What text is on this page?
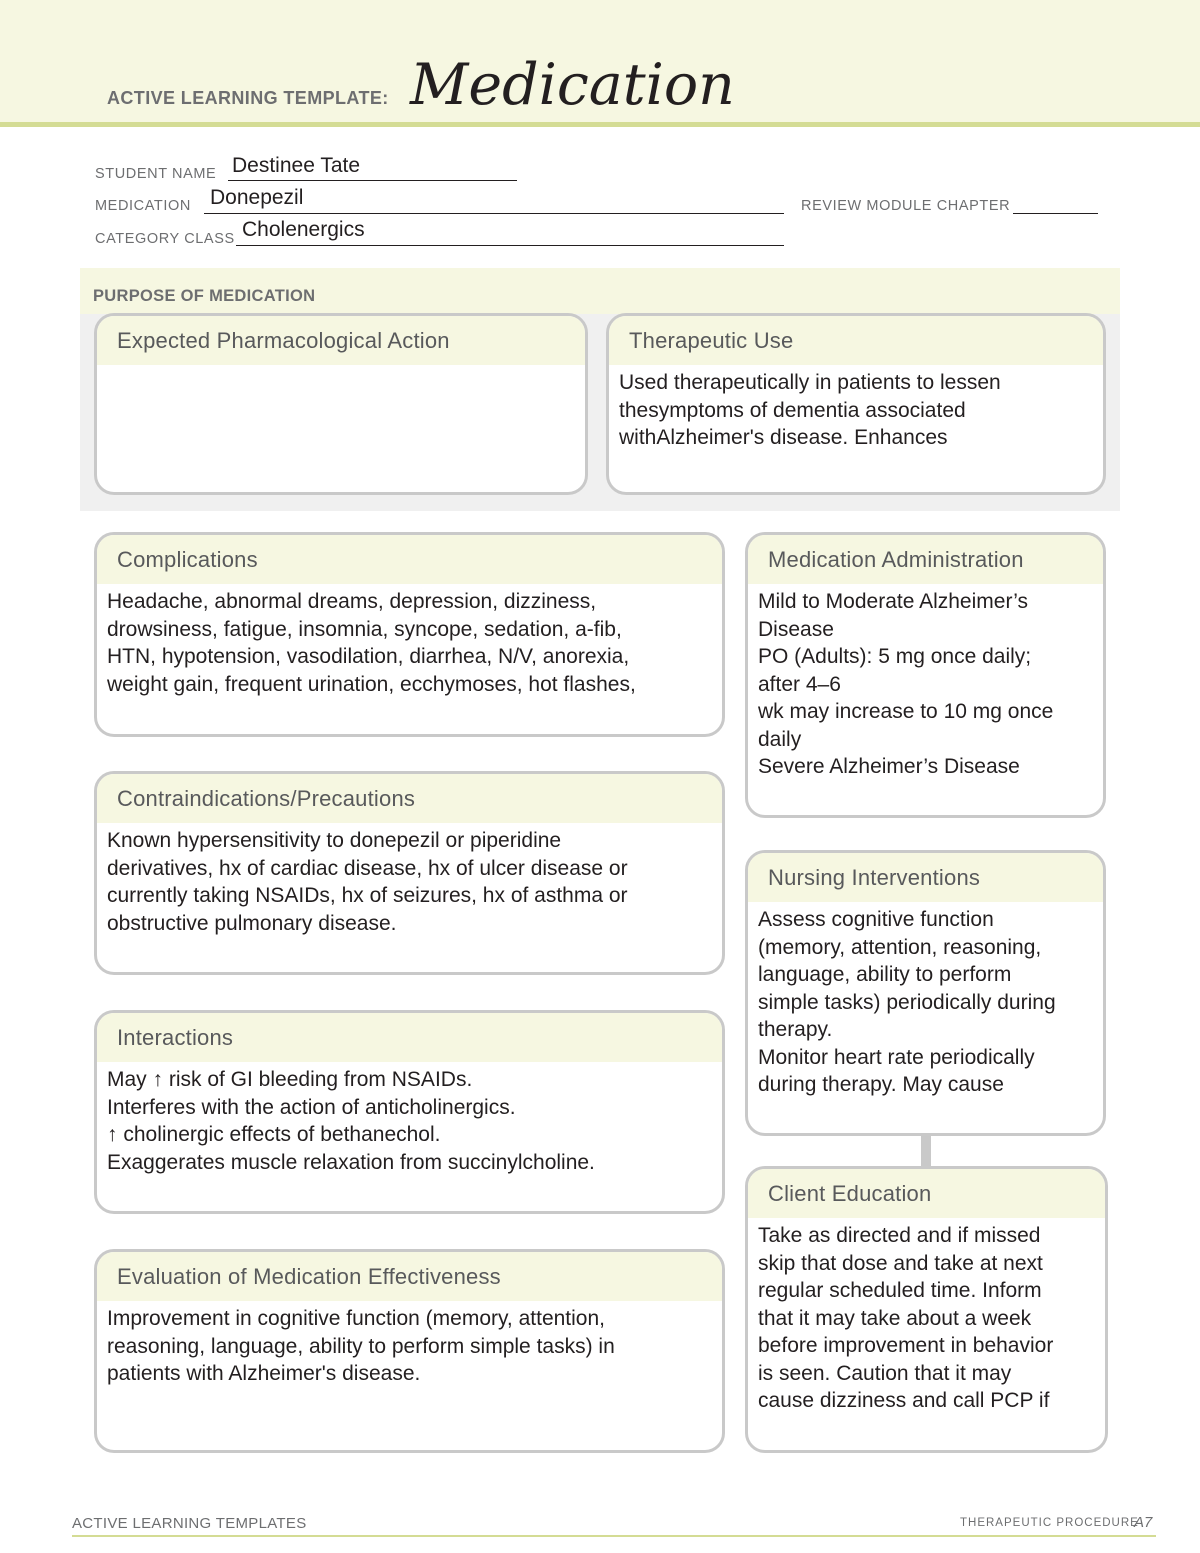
ACTIVE LEARNING TEMPLATE: Medication
STUDENT NAME Destinee Tate
MEDICATION Donepezil	REVIEW MODULE CHAPTER
CATEGORY CLASS Cholenergics
PURPOSE OF MEDICATION
Expected Pharmacological Action	Therapeutic Use
Used therapeutically in patients to lessen
thesymptoms of dementia associated
withAlzheimer's disease. Enhances
Complications
Headache, abnormal dreams, depression, dizziness,
drowsiness, fatigue, insomnia, syncope, sedation, a-fib,
HTN, hypotension, vasodilation, diarrhea, N/V, anorexia,
weight gain, frequent urination, ecchymoses, hot flashes,
Contraindications/Precautions
Known hypersensitivity to donepezil or piperidine
derivatives, hx of cardiac disease, hx of ulcer disease or
currently taking NSAIDs, hx of seizures, hx of asthma or
obstructive pulmonary disease.
Interactions
May ↑ risk of GI bleeding from NSAIDs.
Interferes with the action of anticholinergics.
↑ cholinergic effects of bethanechol.
Exaggerates muscle relaxation from succinylcholine.
Evaluation of Medication Effectiveness
Improvement in cognitive function (memory, attention,
reasoning, language, ability to perform simple tasks) in
patients with Alzheimer's disease.
Medication Administration
Mild to Moderate Alzheimer’s
Disease
PO (Adults): 5 mg once daily;
after 4–6
wk may increase to 10 mg once
daily
Severe Alzheimer’s Disease
Nursing Interventions
Assess cognitive function
(memory, attention, reasoning,
language, ability to perform
simple tasks) periodically during
therapy.
Monitor heart rate periodically
during therapy. May cause
Client Education
Take as directed and if missed
skip that dose and take at next
regular scheduled time. Inform
that it may take about a week
before improvement in behavior
is seen. Caution that it may
cause dizziness and call PCP if
ACTIVE LEARNING TEMPLATES	THERAPEUTIC PROCEDURE
A7
